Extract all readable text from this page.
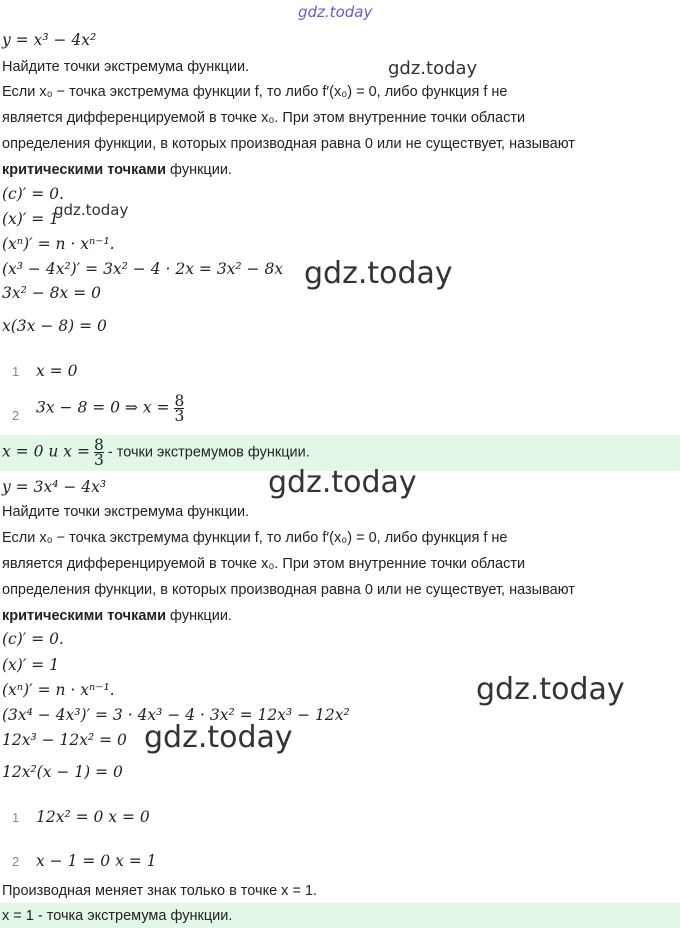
gdz.today
y = x³ − 4x²
Найдите точки экстремума функции.	gdz.today
Если x₀ − точка экстремума функции f, то либо f′(x₀) = 0, либо функция f не
является дифференцируемой в точке x₀. При этом внутренние точки области
определения функции, в которых производная равна 0 или не существует, называют
критическими точками функции.
(c)′ = 0.
(x)′ = 1
gdz.today
(xⁿ)′ = n · xⁿ⁻¹.
(x³ − 4x²)′ = 3x² − 4 · 2x = 3x² − 8x gdz.today
3x² − 8x = 0
x(3x − 8) = 0
1 x = 0
2 3x − 8 = 0 ⇒ $x = \frac{8}{3}$
x = 0 и $x = \frac{8}{3}$ - точки экстремумов функции.
y = 3x⁴ − 4x³	gdz.today
Найдите точки экстремума функции.
Если x₀ − точка экстремума функции f, то либо f′(x₀) = 0, либо функция f не
является дифференцируемой в точке x₀. При этом внутренние точки области
определения функции, в которых производная равна 0 или не существует, называют
критическими точками функции.
(c)′ = 0.
(x)′ = 1
(xⁿ)′ = n · xⁿ⁻¹.	gdz.today
(3x⁴ − 4x³)′ = 3 · 4x³ − 4 · 3x² = 12x³ − 12x²
12x³ − 12x² = 0 gdz.today
12x²(x − 1) = 0
1 12x² = 0 x = 0
2 x − 1 = 0 x = 1
Производная меняет знак только в точке x = 1.
x = 1 - точка экстремума функции.
